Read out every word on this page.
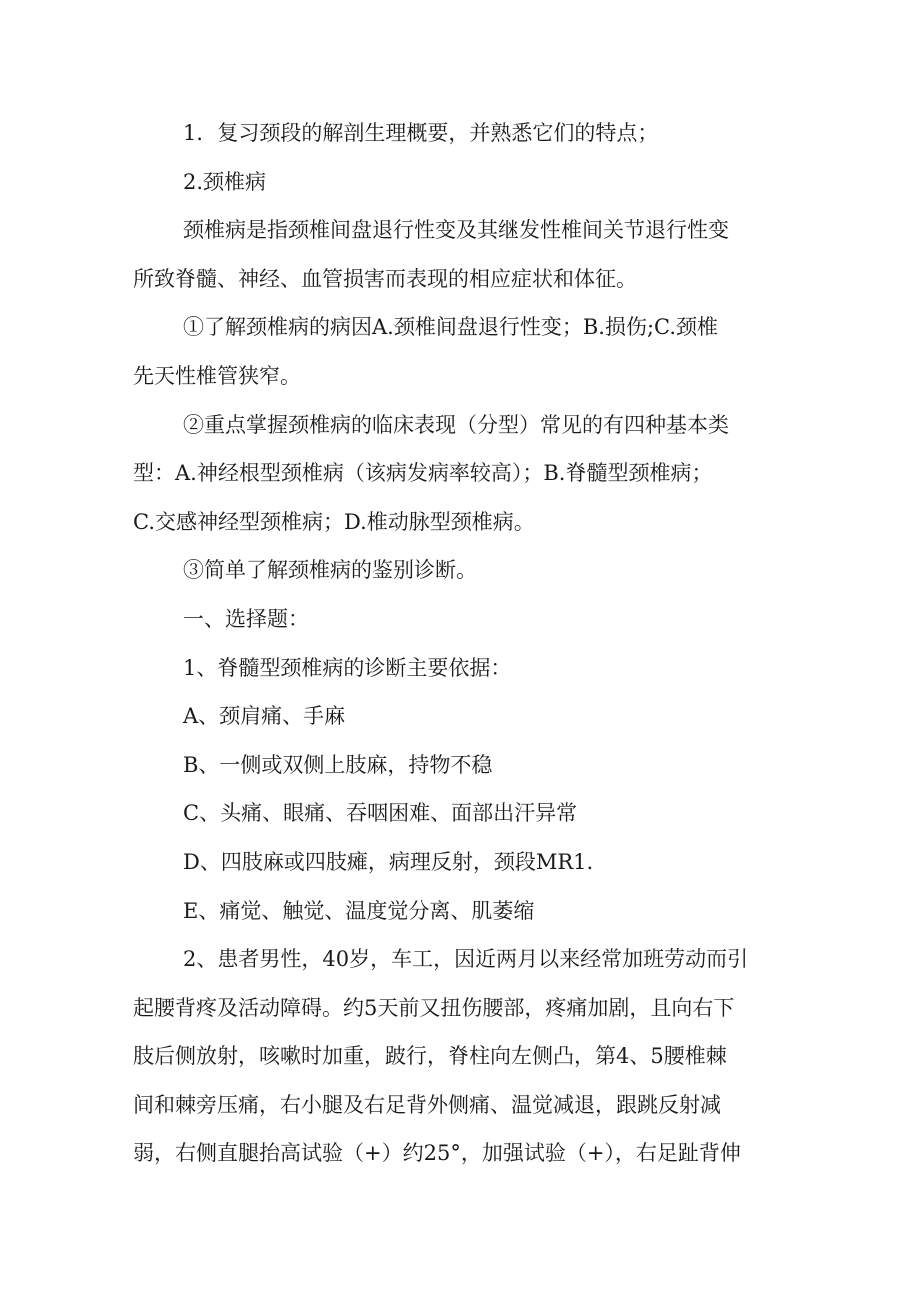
1．复习颈段的解剖生理概要，并熟悉它们的特点；

2.颈椎病

颈椎病是指颈椎间盘退行性变及其继发性椎间关节退行性变

所致脊髓、神经、血管损害而表现的相应症状和体征。

①了解颈椎病的病因A.颈椎间盘退行性变；B.损伤;C.颈椎

先天性椎管狭窄。

②重点掌握颈椎病的临床表现（分型）常见的有四种基本类

型：A.神经根型颈椎病（该病发病率较高）；B.脊髓型颈椎病；

C.交感神经型颈椎病；D.椎动脉型颈椎病。

③简单了解颈椎病的鉴别诊断。

一、选择题：

1、脊髓型颈椎病的诊断主要依据：

A、颈肩痛、手麻

B、一侧或双侧上肢麻，持物不稳

C、头痛、眼痛、吞咽困难、面部出汗异常

D、四肢麻或四肢瘫，病理反射，颈段MR1.

E、痛觉、触觉、温度觉分离、肌萎缩

2、患者男性，40岁，车工，因近两月以来经常加班劳动而引

起腰背疼及活动障碍。约5天前又扭伤腰部，疼痛加剧，且向右下

肢后侧放射，咳嗽时加重，跛行，脊柱向左侧凸，第4、5腰椎棘

间和棘旁压痛，右小腿及右足背外侧痛、温觉减退，跟跳反射减

弱，右侧直腿抬高试验（+）约25°，加强试验（+），右足趾背伸
